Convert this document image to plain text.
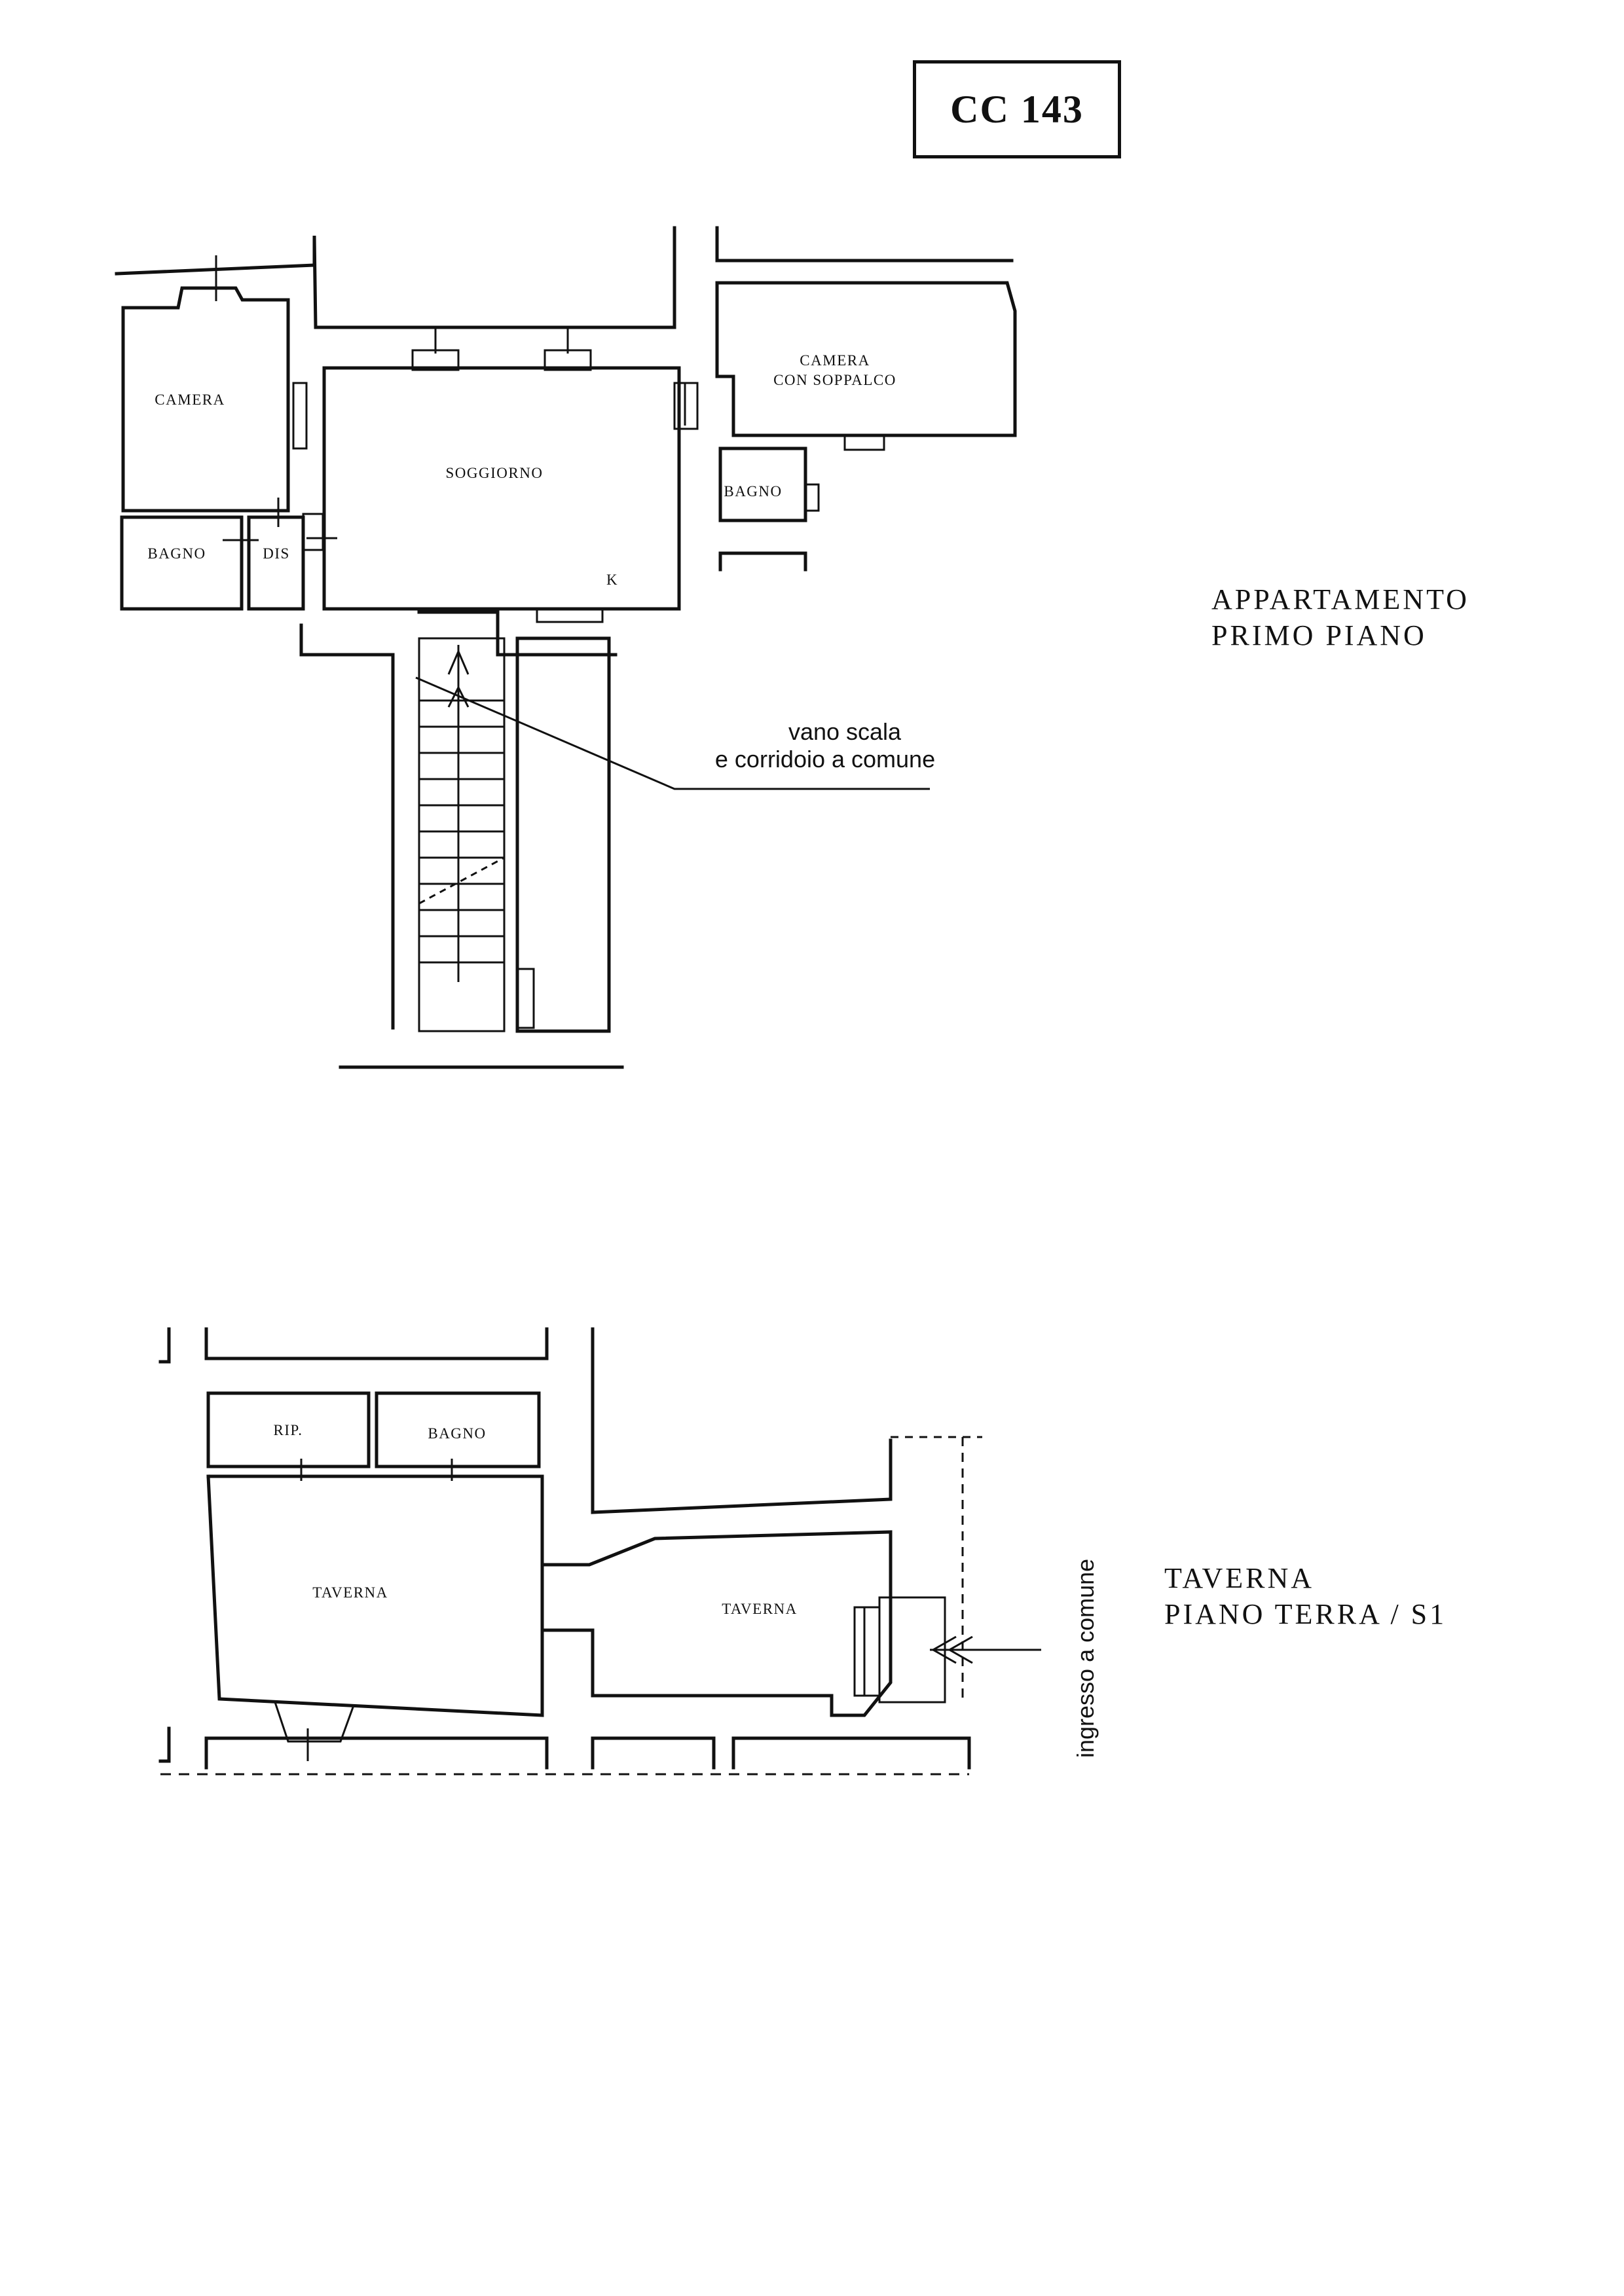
CC 143
CAMERA
CAMERA
CON SOPPALCO
SOGGIORNO
BAGNO	DIS
BAGNO
K
vano scala
e corridoio a comune
APPARTAMENTO
PRIMO PIANO
RIP.	BAGNO
TAVERNA
TAVERNA	ingresso a comune TAVERNA
PIANO TERRA / S1
